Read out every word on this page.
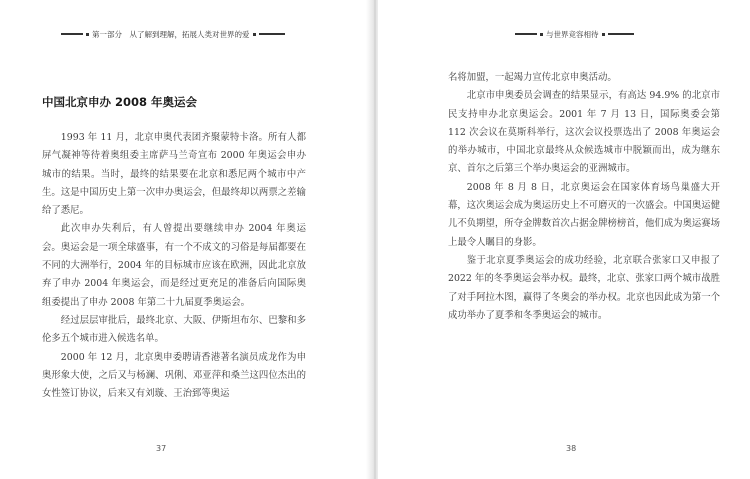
第一部分　从了解到理解，拓展人类对世界的爱
中国北京申办 2008 年奥运会

1993 年 11 月，北京申奥代表团齐聚蒙特卡洛。所有人都屏气凝神等待着奥组委主席萨马兰奇宣布 2000 年奥运会申办城市的结果。当时，最终的结果要在北京和悉尼两个城市中产生。这是中国历史上第一次申办奥运会，但最终却以两票之差输给了悉尼。

此次申办失利后，有人曾提出要继续申办 2004 年奥运会。奥运会是一项全球盛事，有一个不成文的习俗是每届都要在不同的大洲举行，2004 年的目标城市应该在欧洲，因此北京放弃了申办 2004 年奥运会，而是经过更充足的准备后向国际奥组委提出了申办 2008 年第二十九届夏季奥运会。

经过层层审批后，最终北京、大阪、伊斯坦布尔、巴黎和多伦多五个城市进入候选名单。

2000 年 12 月，北京奥申委聘请香港著名演员成龙作为申奥形象大使，之后又与杨澜、巩俐、邓亚萍和桑兰这四位杰出的女性签订协议，后来又有刘璇、王治郅等奥运

37
与世界竞容相待

名将加盟，一起竭力宣传北京申奥活动。

北京市申奥委员会调查的结果显示，有高达 94.9% 的北京市民支持申办北京奥运会。2001 年 7 月 13 日，国际奥委会第 112 次会议在莫斯科举行，这次会议投票选出了 2008 年奥运会的举办城市，中国北京最终从众候选城市中脱颖而出，成为继东京、首尔之后第三个举办奥运会的亚洲城市。

2008 年 8 月 8 日，北京奥运会在国家体育场鸟巢盛大开幕，这次奥运会成为奥运历史上不可磨灭的一次盛会。中国奥运健儿不负期望，所夺金牌数首次占据金牌榜榜首，他们成为奥运赛场上最令人瞩目的身影。

鉴于北京夏季奥运会的成功经验，北京联合张家口又申报了 2022 年的冬季奥运会举办权。最终，北京、张家口两个城市战胜了对手阿拉木图，赢得了冬奥会的举办权。北京也因此成为第一个成功举办了夏季和冬季奥运会的城市。

38
